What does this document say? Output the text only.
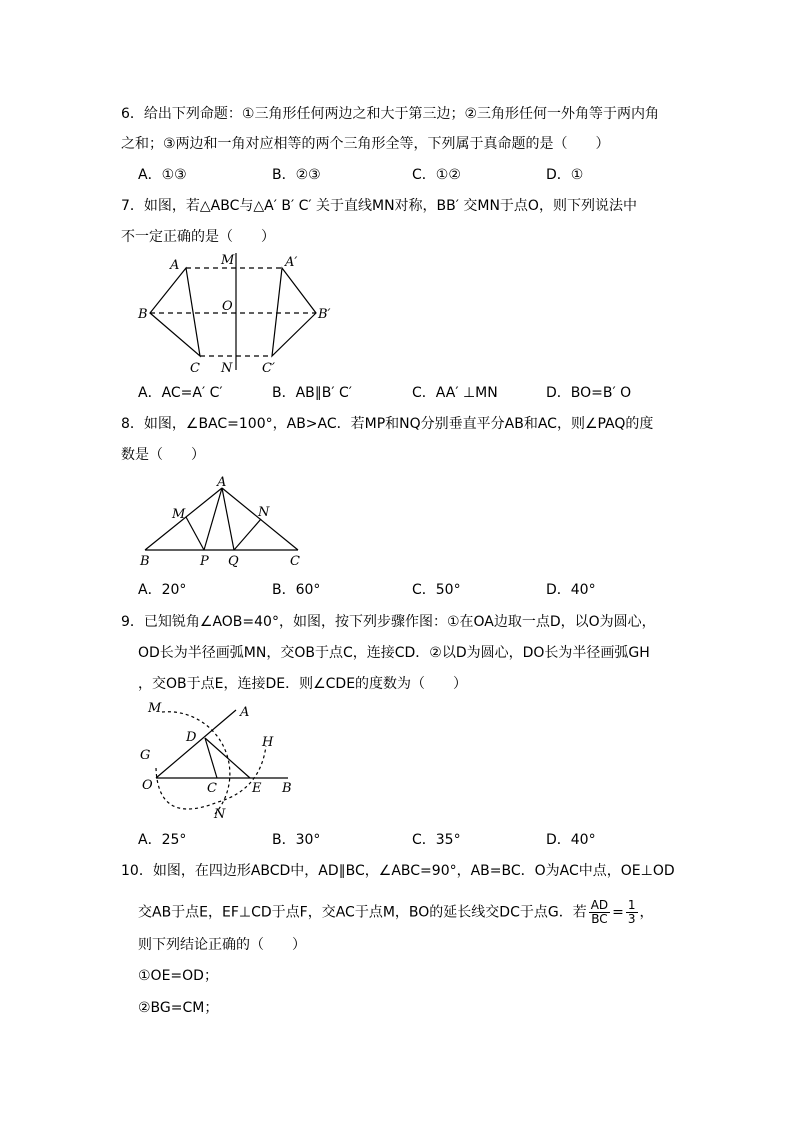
6．给出下列命题：①三角形任何两边之和大于第三边；②三角形任何一外角等于两内角
之和；③两边和一角对应相等的两个三角形全等，下列属于真命题的是（　　）
A．①③	B．②③	C．①②	D．①
7．如图，若△ABC与△A′ B′ C′ 关于直线MN对称，BB′ 交MN于点O，则下列说法中
不一定正确的是（　　）
A	M	A′
B
O
B′
C N C′
A．AC=A′ C′	B．AB∥B′ C′	C．AA′ ⊥MN	D．BO=B′ O
8．如图，∠BAC=100°，AB>AC．若MP和NQ分别垂直平分AB和AC，则∠PAQ的度
数是（　　）
A
M	N
B	P Q	C
A．20°	B．60°	C．50°	D．40°
9．已知锐角∠AOB=40°，如图，按下列步骤作图：①在OA边取一点D，以O为圆心，
OD长为半径画弧MN，交OB于点C，连接CD．②以D为圆心，DO长为半径画弧GH
，交OB于点E，连接DE．则∠CDE的度数为（　　）
M	A
D	H
G
O	C	E B
N
A．25°	B．30°	C．35°	D．40°
10．如图，在四边形ABCD中，AD∥BC，∠ABC=90°，AB=BC．O为AC中点，OE⊥OD
交AB于点E，EF⊥CD于点F，交AC于点M，BO的延长线交DC于点G．若 $\frac{AD}{BC} = \frac{1}{3}$ ，
则下列结论正确的（　　）
①OE=OD；
②BG=CM；
